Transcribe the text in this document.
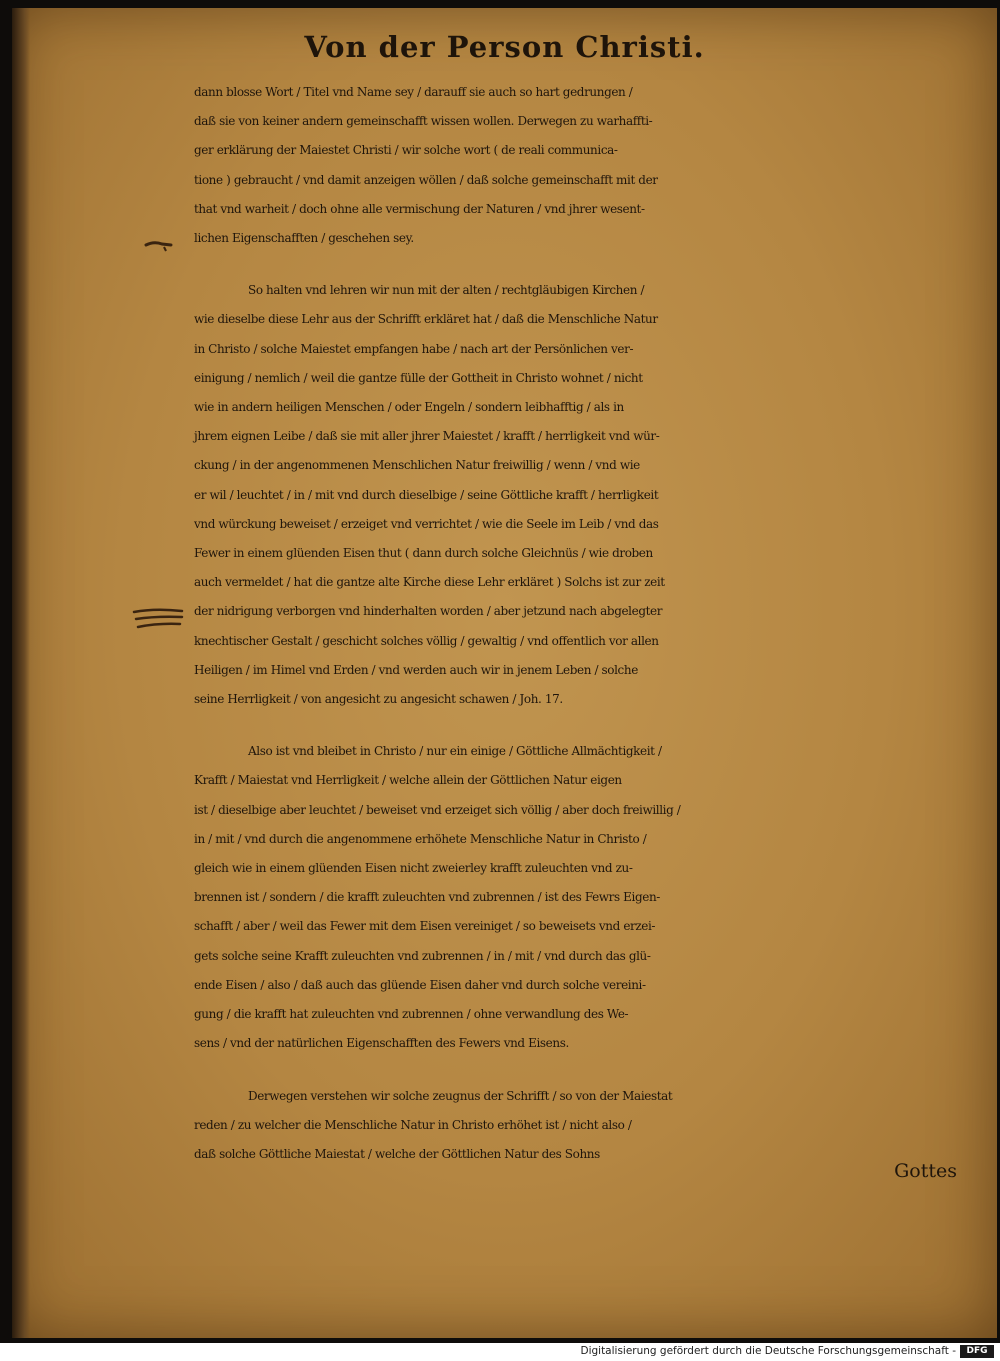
Von der Person Christi.

dann blosse Wort / Titel vnd Name sey / darauff sie auch so hart gedrungen /
daß sie von keiner andern gemeinschafft wissen wollen. Derwegen zu warhaffti-
ger erklärung der Maiestet Christi / wir solche wort ( de reali communica-
tione ) gebraucht / vnd damit anzeigen wöllen / daß solche gemeinschafft mit der
that vnd warheit / doch ohne alle vermischung der Naturen / vnd jhrer wesent-
lichen Eigenschafften / geschehen sey.

So halten vnd lehren wir nun mit der alten / rechtgläubigen Kirchen /
wie dieselbe diese Lehr aus der Schrifft erkläret hat / daß die Menschliche Natur
in Christo / solche Maiestet empfangen habe / nach art der Persönlichen ver-
einigung / nemlich / weil die gantze fülle der Gottheit in Christo wohnet / nicht
wie in andern heiligen Menschen / oder Engeln / sondern leibhafftig / als in
jhrem eignen Leibe / daß sie mit aller jhrer Maiestet / krafft / herrligkeit vnd wür-
ckung / in der angenommenen Menschlichen Natur freiwillig / wenn / vnd wie
er wil / leuchtet / in / mit vnd durch dieselbige / seine Göttliche krafft / herrligkeit
vnd würckung beweiset / erzeiget vnd verrichtet / wie die Seele im Leib / vnd das
Fewer in einem glüenden Eisen thut ( dann durch solche Gleichnüs / wie droben
auch vermeldet / hat die gantze alte Kirche diese Lehr erkläret ) Solchs ist zur zeit
der nidrigung verborgen vnd hinderhalten worden / aber jetzund nach abgelegter
knechtischer Gestalt / geschicht solches völlig / gewaltig / vnd offentlich vor allen
Heiligen / im Himel vnd Erden / vnd werden auch wir in jenem Leben / solche
seine Herrligkeit / von angesicht zu angesicht schawen / Joh. 17.

Also ist vnd bleibet in Christo / nur ein einige / Göttliche Allmächtigkeit /
Krafft / Maiestat vnd Herrligkeit / welche allein der Göttlichen Natur eigen
ist / dieselbige aber leuchtet / beweiset vnd erzeiget sich völlig / aber doch freiwillig /
in / mit / vnd durch die angenommene erhöhete Menschliche Natur in Christo /
gleich wie in einem glüenden Eisen nicht zweierley krafft zuleuchten vnd zu-
brennen ist / sondern / die krafft zuleuchten vnd zubrennen / ist des Fewrs Eigen-
schafft / aber / weil das Fewer mit dem Eisen vereiniget / so beweisets vnd erzei-
gets solche seine Krafft zuleuchten vnd zubrennen / in / mit / vnd durch das glü-
ende Eisen / also / daß auch das glüende Eisen daher vnd durch solche vereini-
gung / die krafft hat zuleuchten vnd zubrennen / ohne verwandlung des We-
sens / vnd der natürlichen Eigenschafften des Fewers vnd Eisens.

Derwegen verstehen wir solche zeugnus der Schrifft / so von der Maiestat
reden / zu welcher die Menschliche Natur in Christo erhöhet ist / nicht also /
daß solche Göttliche Maiestat / welche der Göttlichen Natur des Sohns

Gottes
Digitalisierung gefördert durch die Deutsche Forschungsgemeinschaft -	DFG
